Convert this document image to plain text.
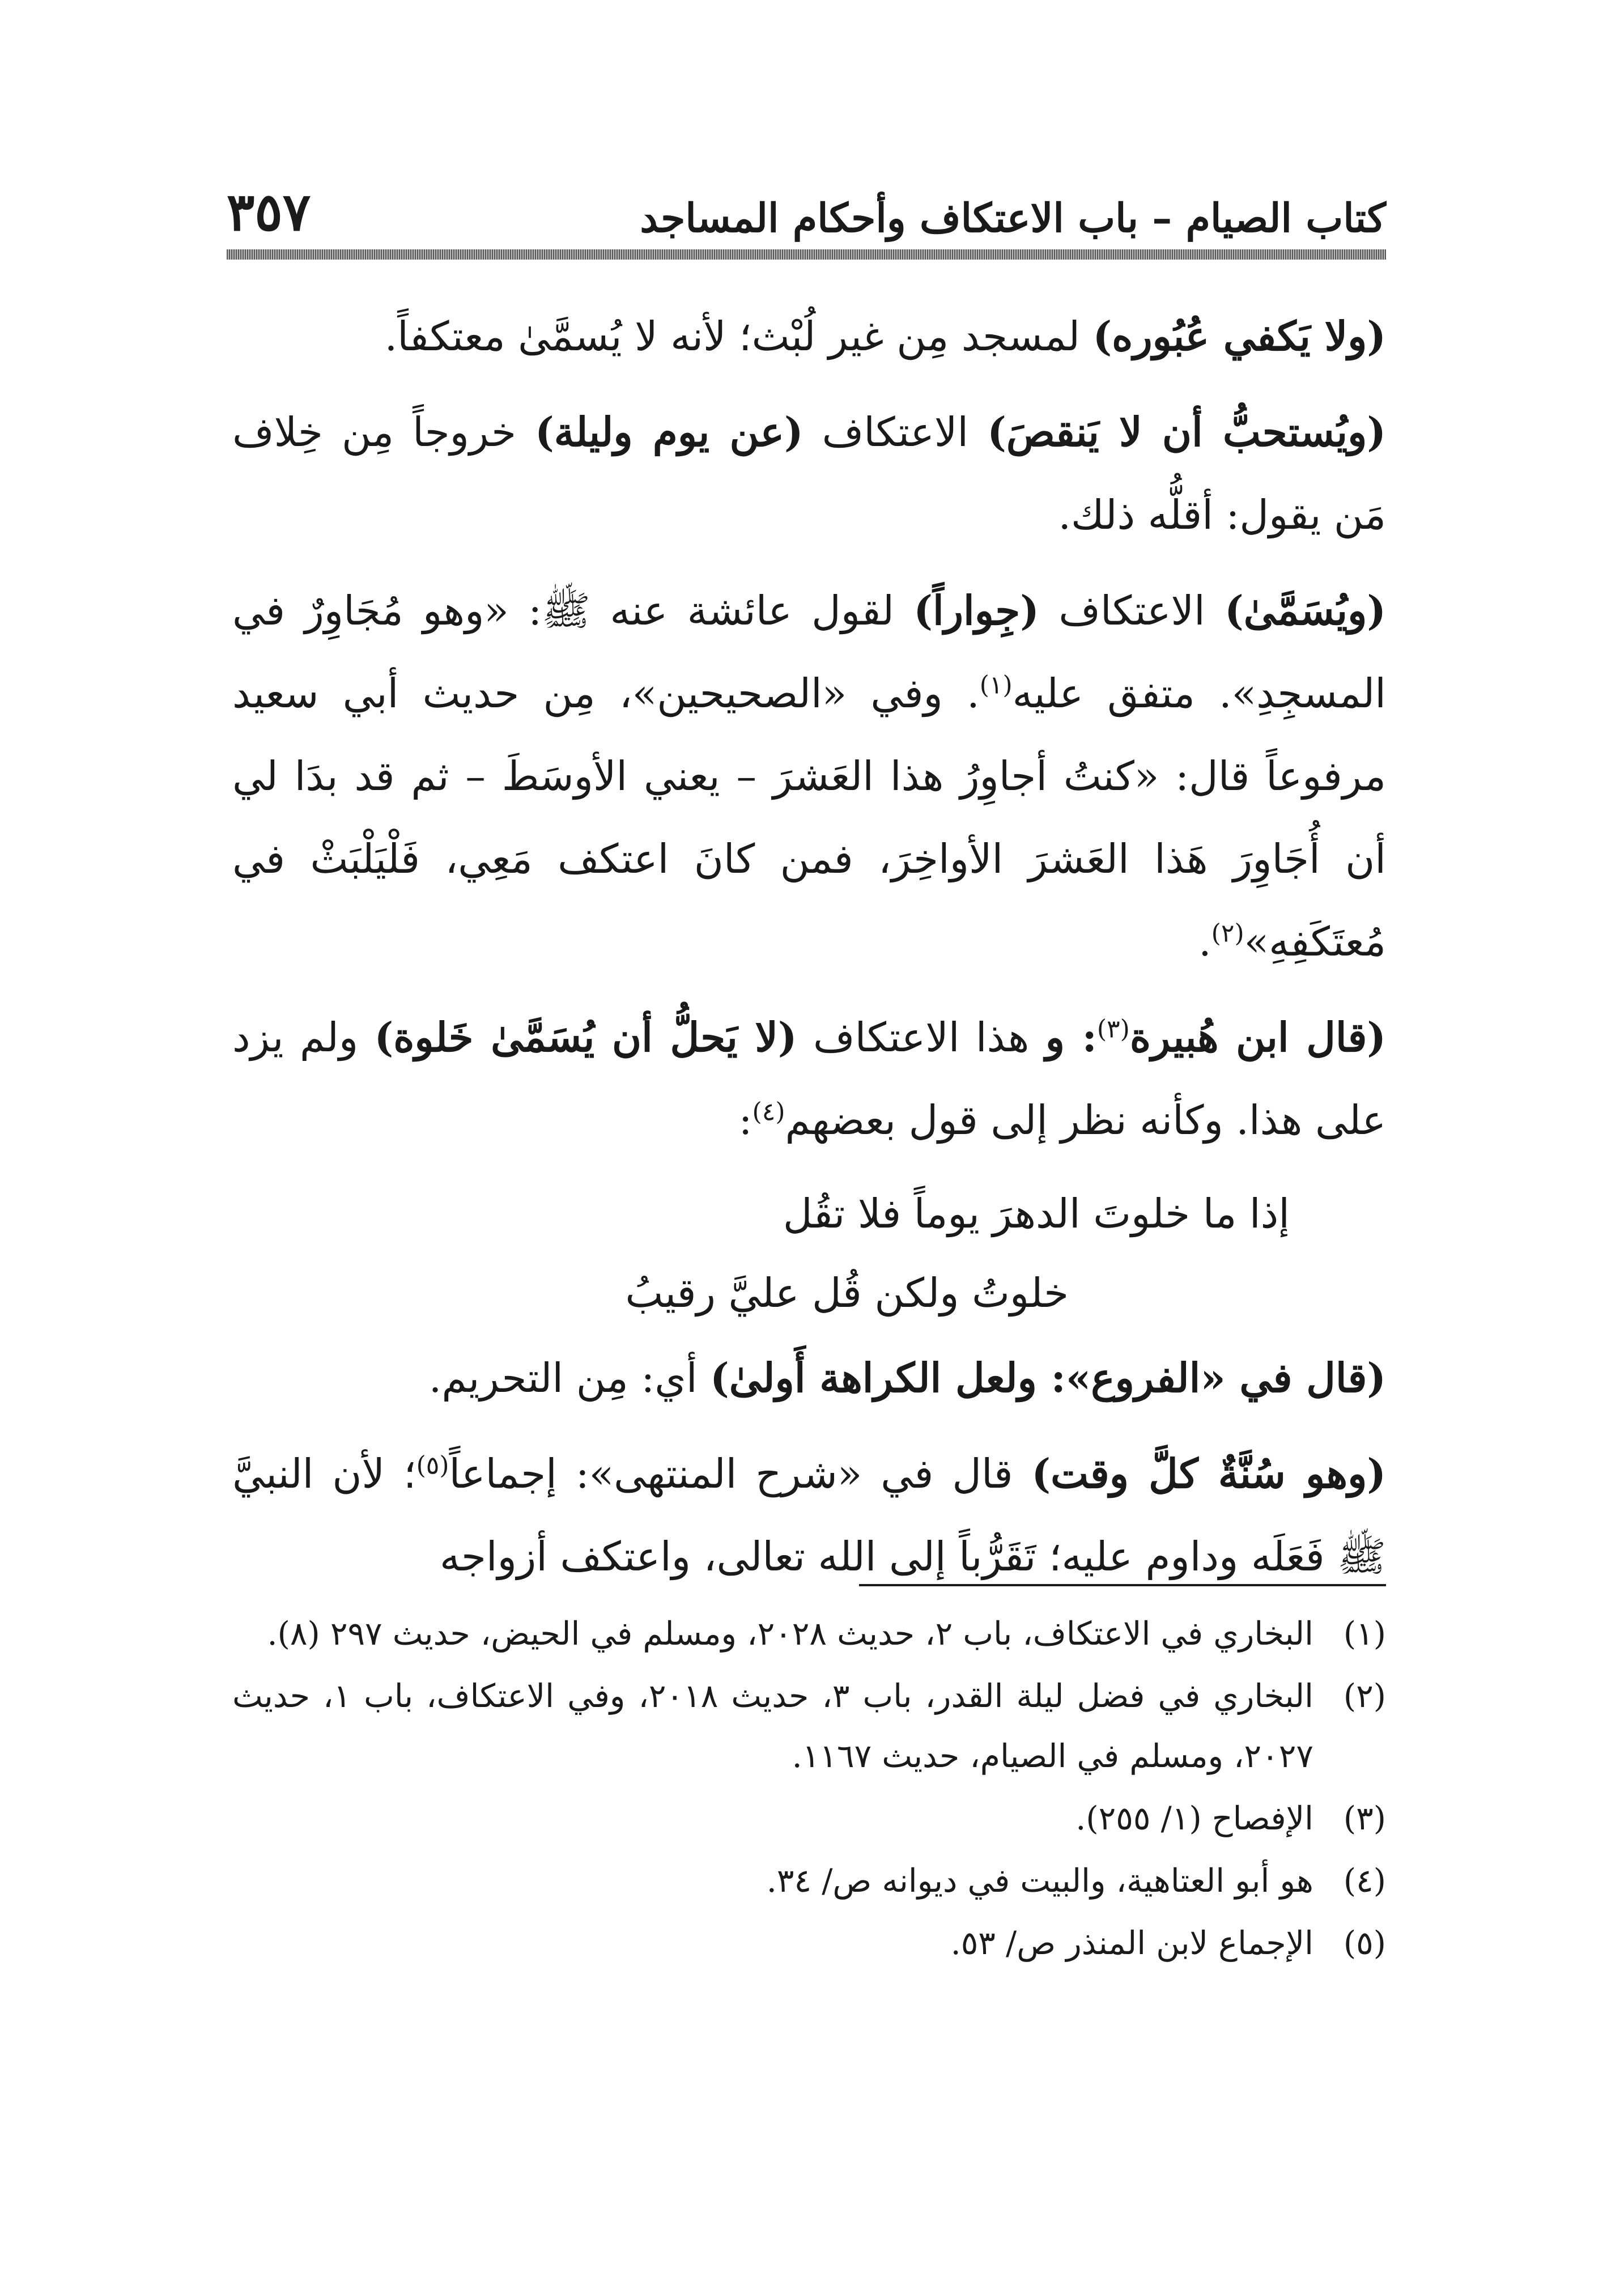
كتاب الصيام – باب الاعتكاف وأحكام المساجد
٣٥٧

(ولا يَكفي عُبُوره) لمسجد مِن غير لُبْث؛ لأنه لا يُسمَّىٰ معتكفاً.

(ويُستحبُّ أن لا يَنقصَ) الاعتكاف (عن يوم وليلة) خروجاً مِن خِلاف مَن يقول: أقلُّه ذلك.

(ويُسَمَّىٰ) الاعتكاف (جِواراً) لقول عائشة عنه ﷺ: «وهو مُجَاوِرٌ في المسجِدِ». متفق عليه$^{(١)}$. وفي «الصحيحين»، مِن حديث أبي سعيد مرفوعاً قال: «كنتُ أجاوِرُ هذا العَشرَ – يعني الأوسَطَ – ثم قد بدَا لي أن أُجَاوِرَ هَذا العَشرَ الأواخِرَ، فمن كانَ اعتكف مَعِي، فَلْيَلْبَثْ في مُعتَكَفِهِ»$^{(٢)}$.

(قال ابن هُبيرة$^{(٣)}$: و هذا الاعتكاف (لا يَحلُّ أن يُسَمَّىٰ خَلوة) ولم يزد على هذا. وكأنه نظر إلى قول بعضهم$^{(٤)}$:

إذا ما خلوتَ الدهرَ يوماً فلا تقُل
خلوتُ ولكن قُل عليَّ رقيبُ

(قال في «الفروع»: ولعل الكراهة أَولىٰ) أي: مِن التحريم.

(وهو سُنَّةٌ كلَّ وقت) قال في «شرح المنتهى»: إجماعاً$^{(٥)}$؛ لأن النبيَّ ﷺ فَعَلَه وداوم عليه؛ تَقَرُّباً إلى الله تعالى، واعتكف أزواجه

(١)
البخاري في الاعتكاف، باب ٢، حديث ٢٠٢٨، ومسلم في الحيض، حديث ٢٩٧ (٨).
(٢)
البخاري في فضل ليلة القدر، باب ٣، حديث ٢٠١٨، وفي الاعتكاف، باب ١، حديث ٢٠٢٧، ومسلم في الصيام، حديث ١١٦٧.
(٣)
الإفصاح (١/ ٢٥٥).
(٤)
هو أبو العتاهية، والبيت في ديوانه ص/ ٣٤.
(٥)
الإجماع لابن المنذر ص/ ٥٣.
